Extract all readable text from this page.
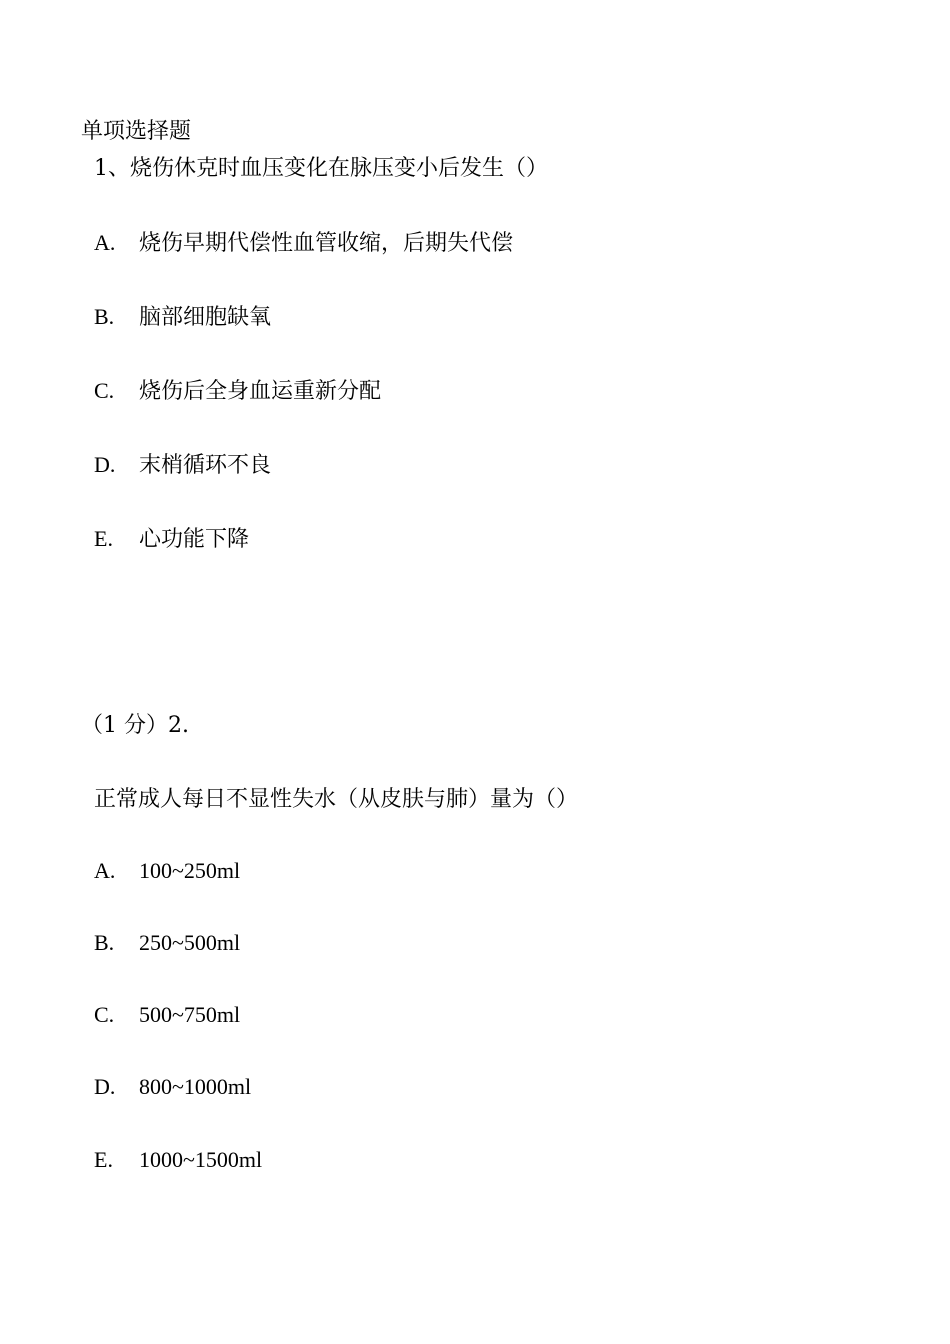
单项选择题
1、烧伤休克时血压变化在脉压变小后发生（）
A. 烧伤早期代偿性血管收缩，后期失代偿
B. 脑部细胞缺氧
C. 烧伤后全身血运重新分配
D. 末梢循环不良
E. 心功能下降
（1 分）2.
正常成人每日不显性失水（从皮肤与肺）量为（）
A. 100~250ml
B. 250~500ml
C. 500~750ml
D. 800~1000ml
E. 1000~1500ml
